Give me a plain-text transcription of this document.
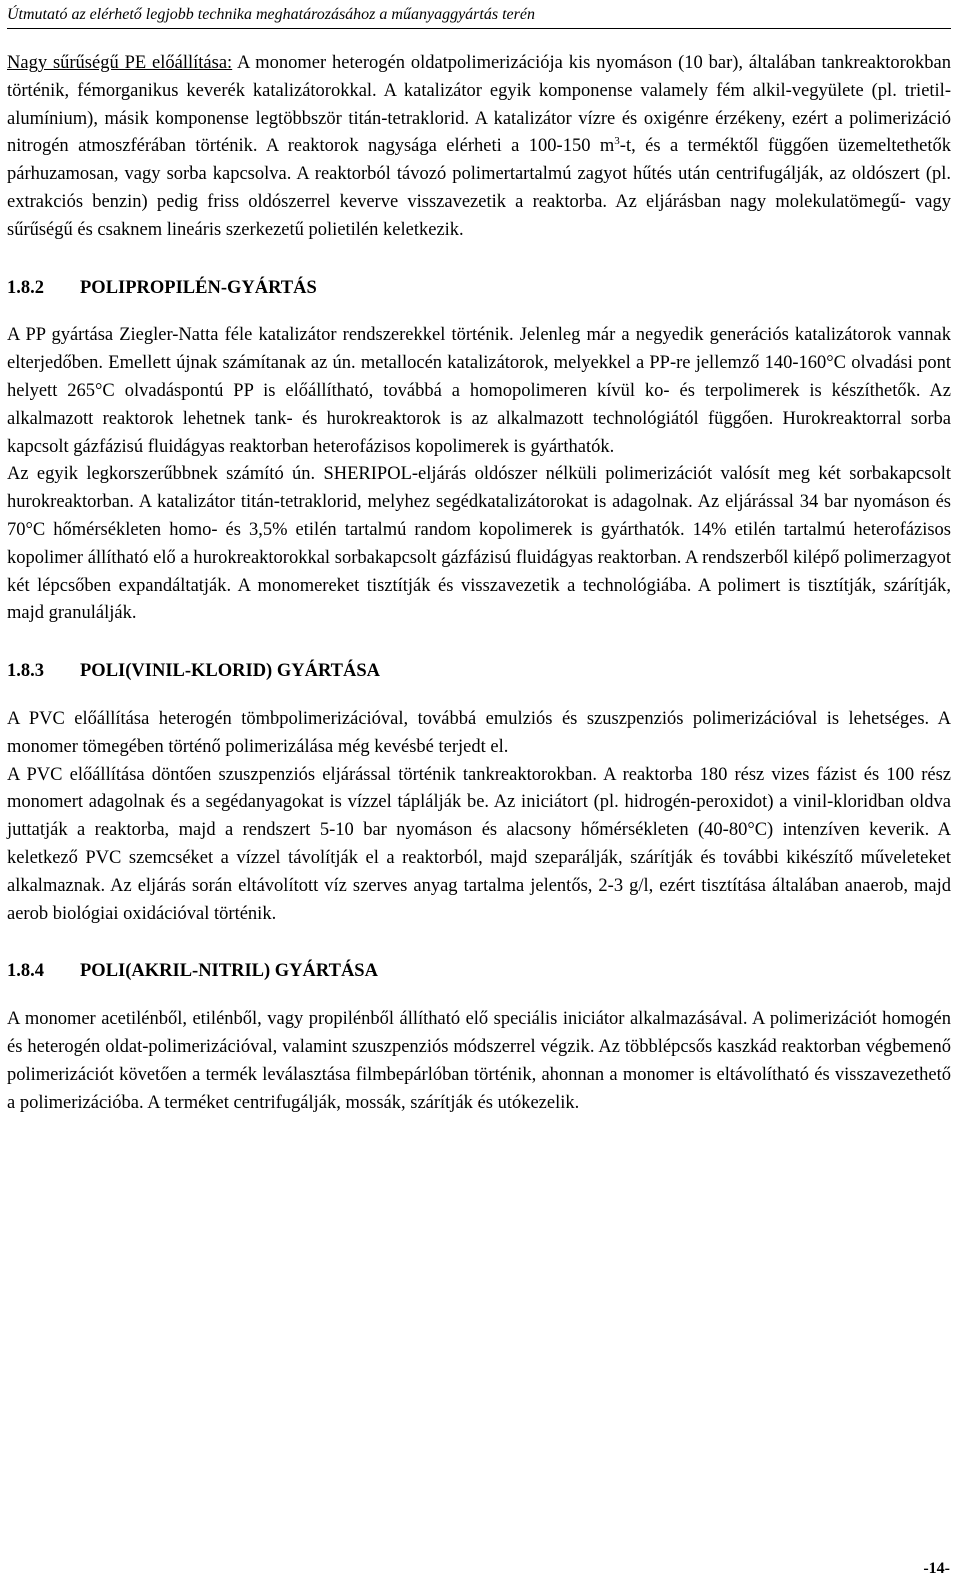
Útmutató az elérhető legjobb technika meghatározásához a műanyaggyártás terén

Nagy sűrűségű PE előállítása: A monomer heterogén oldatpolimerizációja kis nyomáson (10 bar), általában tankreaktorokban történik, fémorganikus keverék katalizátorokkal. A katalizátor egyik komponense valamely fém alkil-vegyülete (pl. trietil-alumínium), másik komponense legtöbbször titán-tetraklorid. A katalizátor vízre és oxigénre érzékeny, ezért a polimerizáció nitrogén atmoszférában történik. A reaktorok nagysága elérheti a 100-150 $m^3-t$, és a terméktől függően üzemeltethetők párhuzamosan, vagy sorba kapcsolva. A reaktorból távozó polimertartalmú zagyot hűtés után centrifugálják, az oldószert (pl. extrakciós benzin) pedig friss oldószerrel keverve visszavezetik a reaktorba. Az eljárásban nagy molekulatömegű- vagy sűrűségű és csaknem lineáris szerkezetű polietilén keletkezik.

1.8.2 POLIPROPILÉN-GYÁRTÁS

A PP gyártása Ziegler-Natta féle katalizátor rendszerekkel történik. Jelenleg már a negyedik generációs katalizátorok vannak elterjedőben. Emellett újnak számítanak az ún. metallocén katalizátorok, melyekkel a PP-re jellemző 140-160°C olvadási pont helyett 265°C olvadáspontú PP is előállítható, továbbá a homopolimeren kívül ko- és terpolimerek is készíthetők. Az alkalmazott reaktorok lehetnek tank- és hurokreaktorok is az alkalmazott technológiától függően. Hurokreaktorral sorba kapcsolt gázfázisú fluidágyas reaktorban heterofázisos kopolimerek is gyárthatók.

Az egyik legkorszerűbbnek számító ún. SHERIPOL-eljárás oldószer nélküli polimerizációt valósít meg két sorbakapcsolt hurokreaktorban. A katalizátor titán-tetraklorid, melyhez segédkatalizátorokat is adagolnak. Az eljárással 34 bar nyomáson és 70°C hőmérsékleten homo- és 3,5% etilén tartalmú random kopolimerek is gyárthatók. 14% etilén tartalmú heterofázisos kopolimer állítható elő a hurokreaktorokkal sorbakapcsolt gázfázisú fluidágyas reaktorban. A rendszerből kilépő polimerzagyot két lépcsőben expandáltatják. A monomereket tisztítják és visszavezetik a technológiába. A polimert is tisztítják, szárítják, majd granulálják.

1.8.3 POLI(VINIL-KLORID) GYÁRTÁSA

A PVC előállítása heterogén tömbpolimerizációval, továbbá emulziós és szuszpenziós polimerizációval is lehetséges. A monomer tömegében történő polimerizálása még kevésbé terjedt el.

A PVC előállítása döntően szuszpenziós eljárással történik tankreaktorokban. A reaktorba 180 rész vizes fázist és 100 rész monomert adagolnak és a segédanyagokat is vízzel táplálják be. Az iniciátort (pl. hidrogén-peroxidot) a vinil-kloridban oldva juttatják a reaktorba, majd a rendszert 5-10 bar nyomáson és alacsony hőmérsékleten (40-80°C) intenzíven keverik. A keletkező PVC szemcséket a vízzel távolítják el a reaktorból, majd szeparálják, szárítják és további kikészítő műveleteket alkalmaznak. Az eljárás során eltávolított víz szerves anyag tartalma jelentős, 2-3 g/l, ezért tisztítása általában anaerob, majd aerob biológiai oxidációval történik.

1.8.4 POLI(AKRIL-NITRIL) GYÁRTÁSA

A monomer acetilénből, etilénből, vagy propilénből állítható elő speciális iniciátor alkalmazásával. A polimerizációt homogén és heterogén oldat-polimerizációval, valamint szuszpenziós módszerrel végzik. Az többlépcsős kaszkád reaktorban végbemenő polimerizációt követően a termék leválasztása filmbepárlóban történik, ahonnan a monomer is eltávolítható és visszavezethető a polimerizációba. A terméket centrifugálják, mossák, szárítják és utókezelik.

-14-
